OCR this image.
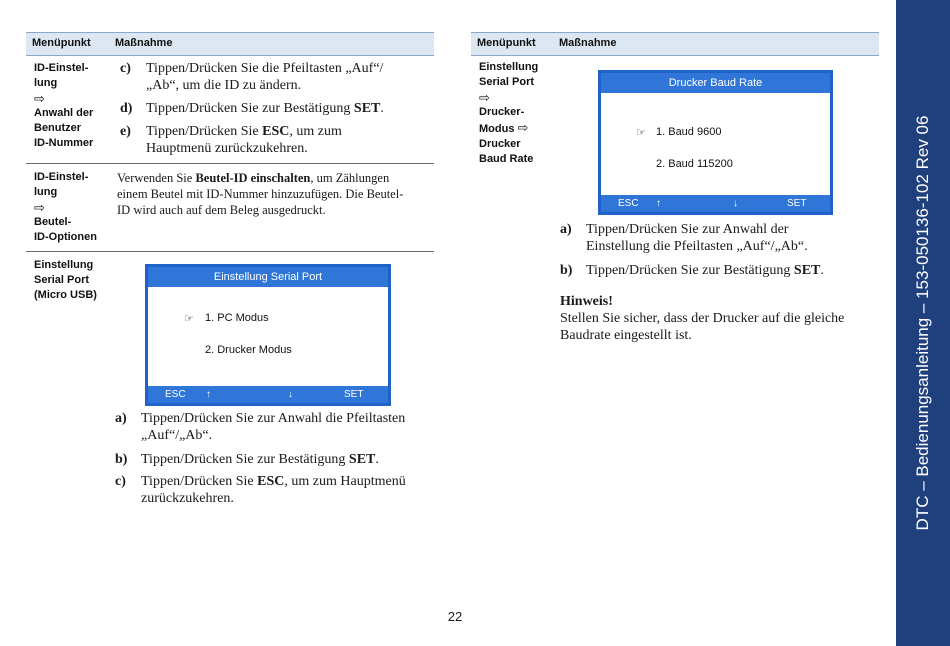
Menüpunkt Maßnahme
ID-Einstel-
lung
⇨
Anwahl der
Benutzer
ID-Nummer
c) Tippen/Drücken Sie die Pfeiltasten „Auf“/
„Ab“, um die ID zu ändern.
d) Tippen/Drücken Sie zur Bestätigung SET.
e) Tippen/Drücken Sie ESC, um zum
Hauptmenü zurückzukehren.
ID-Einstel-
lung
⇨
Beutel-
ID-Optionen
Verwenden Sie Beutel-ID einschalten, um Zählungen
einem Beutel mit ID-Nummer hinzuzufügen. Die Beutel-
ID wird auch auf dem Beleg ausgedruckt.
Einstellung
Serial Port
(Micro USB)
Einstellung Serial Port
☞ 1. PC Modus
2. Drucker Modus
ESC ↑	↓	SET
a) Tippen/Drücken Sie zur Anwahl die Pfeiltasten
„Auf“/„Ab“.
b) Tippen/Drücken Sie zur Bestätigung SET.
c) Tippen/Drücken Sie ESC, um zum Hauptmenü
zurückzukehren.
Menüpunkt Maßnahme
Einstellung
Serial Port
⇨
Drucker-
Modus ⇨
Drucker
Baud Rate
Drucker Baud Rate
☞ 1. Baud 9600
2. Baud 115200
ESC ↑	↓	SET
a) Tippen/Drücken Sie zur Anwahl der
Einstellung die Pfeiltasten „Auf“/„Ab“.
b) Tippen/Drücken Sie zur Bestätigung SET.
Hinweis!
Stellen Sie sicher, dass der Drucker auf die gleiche
Baudrate eingestellt ist.
22
DTC – Bedienungsanleitung – 153-050136-102 Rev 06
